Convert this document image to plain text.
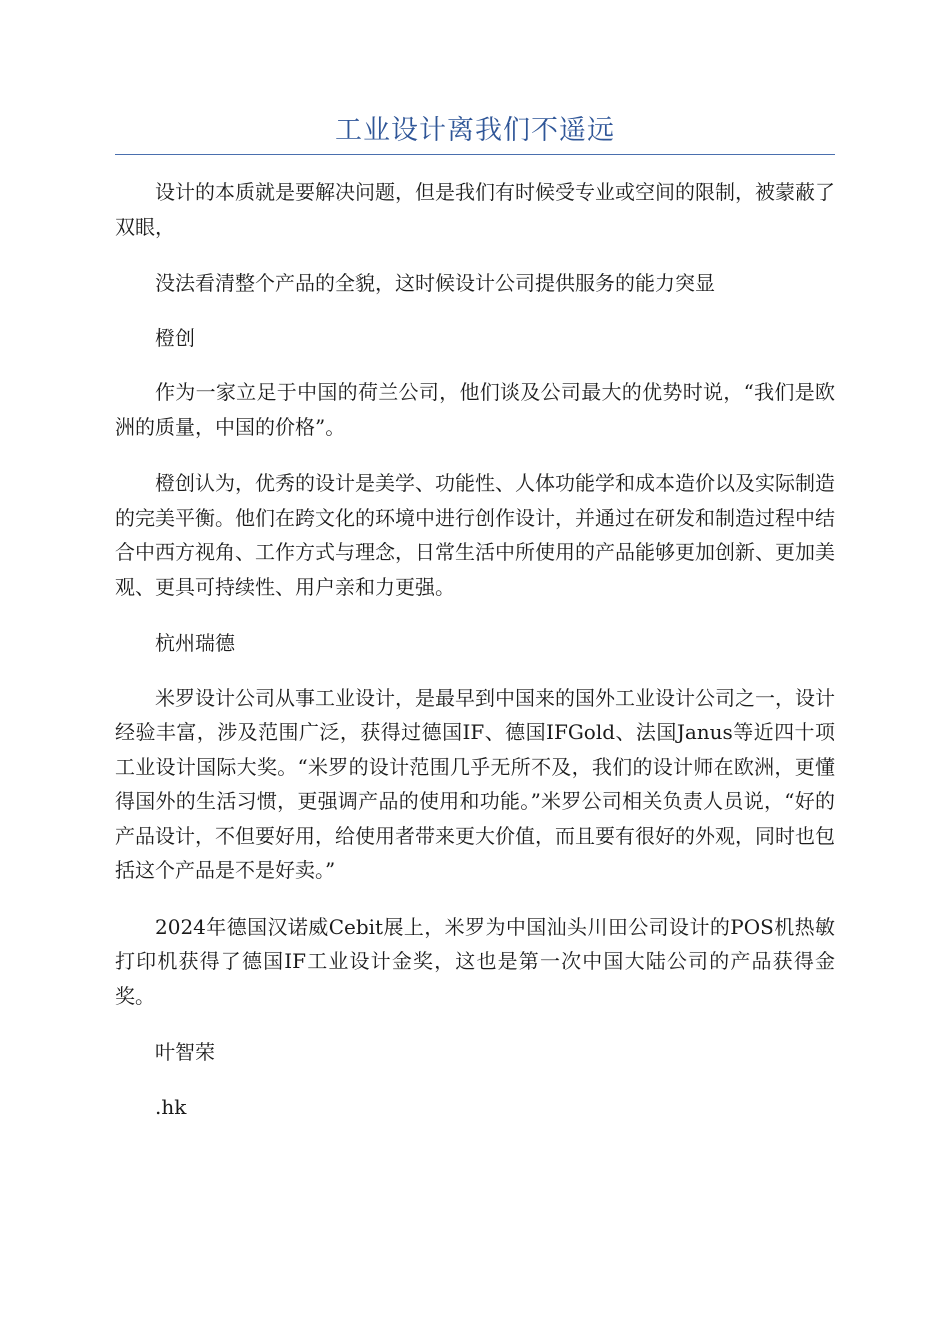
工业设计离我们不遥远

设计的本质就是要解决问题，但是我们有时候受专业或空间的限制，被蒙蔽了双眼，

没法看清整个产品的全貌，这时候设计公司提供服务的能力突显

橙创

作为一家立足于中国的荷兰公司，他们谈及公司最大的优势时说，“我们是欧洲的质量，中国的价格”。

橙创认为，优秀的设计是美学、功能性、人体功能学和成本造价以及实际制造的完美平衡。他们在跨文化的环境中进行创作设计，并通过在研发和制造过程中结合中西方视角、工作方式与理念，日常生活中所使用的产品能够更加创新、更加美观、更具可持续性、用户亲和力更强。

杭州瑞德

米罗设计公司从事工业设计，是最早到中国来的国外工业设计公司之一，设计经验丰富，涉及范围广泛，获得过德国IF、德国IFGold、法国Janus等近四十项工业设计国际大奖。“米罗的设计范围几乎无所不及，我们的设计师在欧洲，更懂得国外的生活习惯，更强调产品的使用和功能。”米罗公司相关负责人员说，“好的产品设计，不但要好用，给使用者带来更大价值，而且要有很好的外观，同时也包括这个产品是不是好卖。”

2024年德国汉诺威Cebit展上，米罗为中国汕头川田公司设计的POS机热敏打印机获得了德国IF工业设计金奖，这也是第一次中国大陆公司的产品获得金奖。

叶智荣

.hk
